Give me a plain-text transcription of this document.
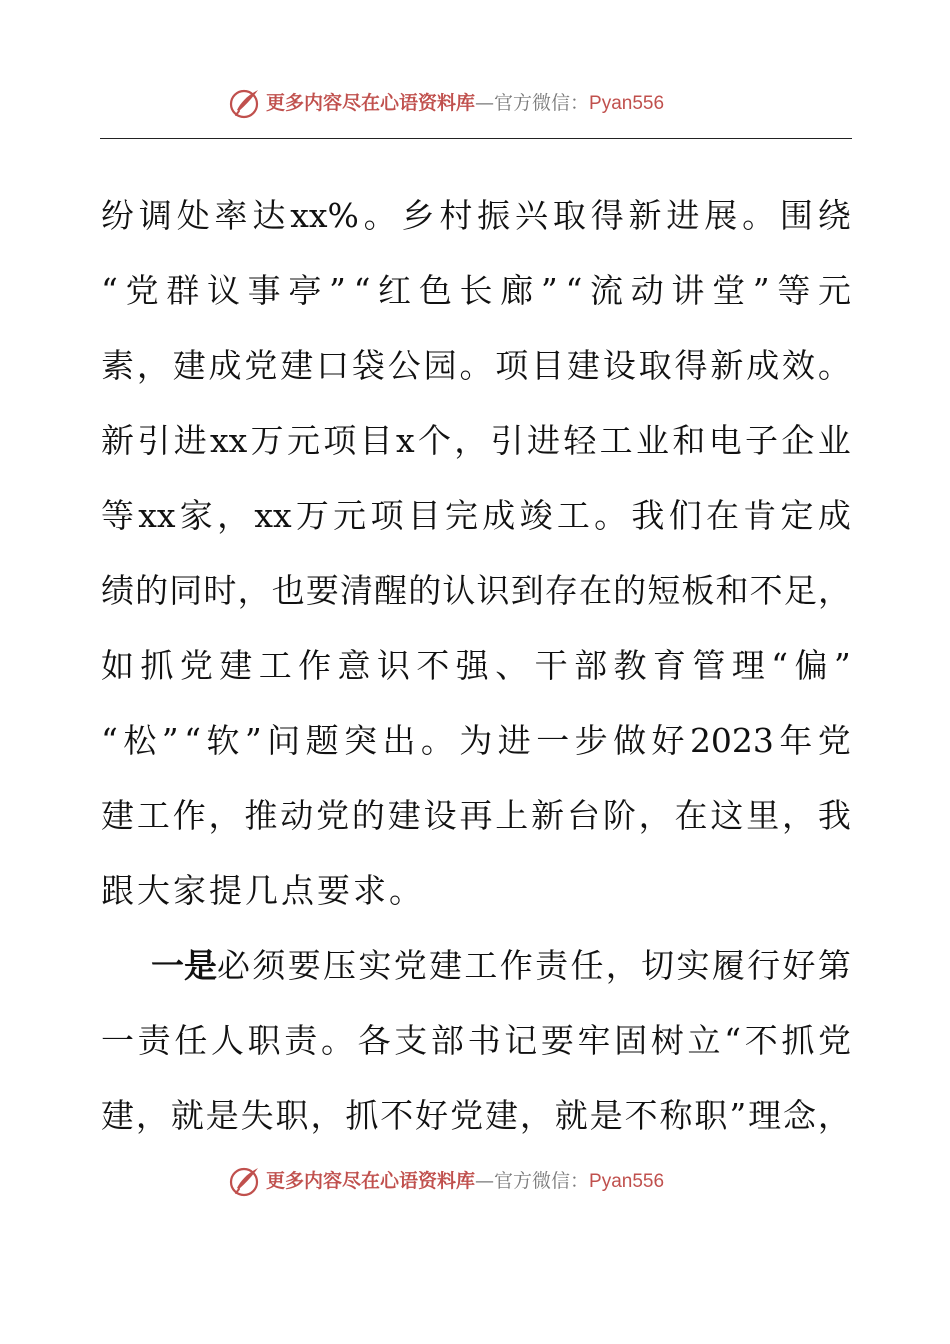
更多内容尽在心语资料库—官方微信：Pyan556
纷 调 处 率 达 xx% 。 乡 村 振 兴 取 得 新 进 展 。 围 绕
“ 党 群 议 事 亭 ” “ 红 色 长 廊 ” “ 流 动 讲 堂 ” 等 元
素 ， 建 成 党 建 口 袋 公 园 。 项 目 建 设 取 得 新 成 效 。
新 引 进 xx 万 元 项 目 x 个 ， 引 进 轻 工 业 和 电 子 企 业
等 xx 家 ， xx 万 元 项 目 完 成 竣 工 。 我 们 在 肯 定 成
绩 的 同 时 ， 也 要 清 醒 的 认 识 到 存 在 的 短 板 和 不 足 ，
如 抓 党 建 工 作 意 识 不 强 、 干 部 教 育 管 理 “ 偏 ”
“ 松 ” “ 软 ” 问 题 突 出 。 为 进 一 步 做 好 2023 年 党
建 工 作 ， 推 动 党 的 建 设 再 上 新 台 阶 ， 在 这 里 ， 我
跟大家提几点要求。
一是 必 须 要 压 实 党 建 工 作 责 任 ， 切 实 履 行 好 第
一 责 任 人 职 责 。 各 支 部 书 记 要 牢 固 树 立 “ 不 抓 党
建 ， 就 是 失 职 ， 抓 不 好 党 建 ， 就 是 不 称 职 ” 理 念 ，
更多内容尽在心语资料库—官方微信：Pyan556
